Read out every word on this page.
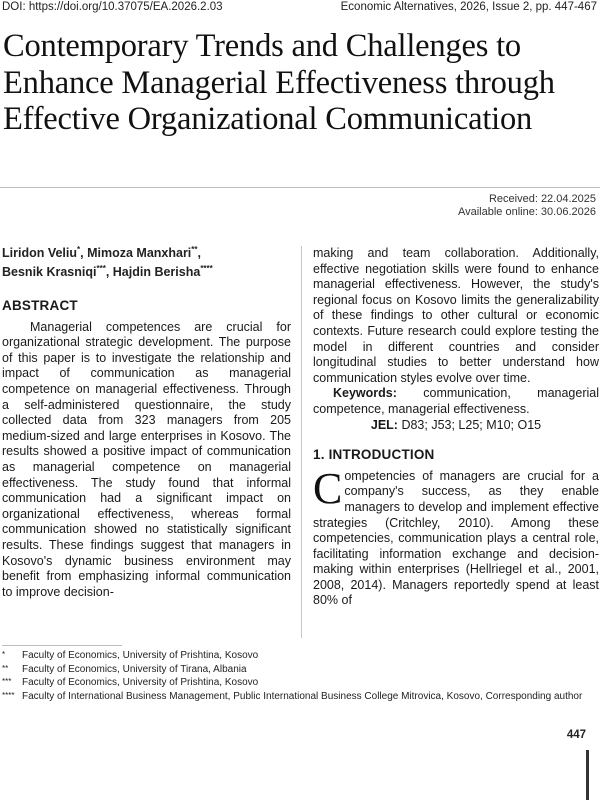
DOI: https://doi.org/10.37075/EA.2026.2.03	Economic Alternatives, 2026, Issue 2, pp. 447-467
Contemporary Trends and Challenges to Enhance Managerial Effectiveness through Effective Organizational Communication
Received: 22.04.2025
Available online: 30.06.2026
Liridon Veliu*, Mimoza Manxhari**,
Besnik Krasniqi***, Hajdin Berisha****
ABSTRACT

Managerial competences are crucial for organizational strategic development. The purpose of this paper is to investigate the relationship and impact of communication as managerial competence on managerial effectiveness. Through a self-administered questionnaire, the study collected data from 323 managers from 205 medium-sized and large enterprises in Kosovo. The results showed a positive impact of communication as managerial competence on managerial effectiveness. The study found that informal communication had a significant impact on organizational effectiveness, whereas formal communication showed no statistically significant results. These findings suggest that managers in Kosovo's dynamic business environment may benefit from emphasizing informal communication to improve decision-

making and team collaboration. Additionally, effective negotiation skills were found to enhance managerial effectiveness. However, the study's regional focus on Kosovo limits the generalizability of these findings to other cultural or economic contexts. Future research could explore testing the model in different countries and consider longitudinal studies to better understand how communication styles evolve over time.

Keywords: communication, managerial competence, managerial effectiveness.

JEL: D83; J53; L25; M10; O15

1. INTRODUCTION

Competencies of managers are crucial for a company's success, as they enable managers to develop and implement effective strategies (Critchley, 2010). Among these competencies, communication plays a central role, facilitating information exchange and decision-making within enterprises (Hellriegel et al., 2001, 2008, 2014). Managers reportedly spend at least 80% of

*	Faculty of Economics, University of Prishtina, Kosovo
**	Faculty of Economics, University of Tirana, Albania
***	Faculty of Economics, University of Prishtina, Kosovo
**** Faculty of International Business Management, Public International Business College Mitrovica, Kosovo, Corresponding author
447
